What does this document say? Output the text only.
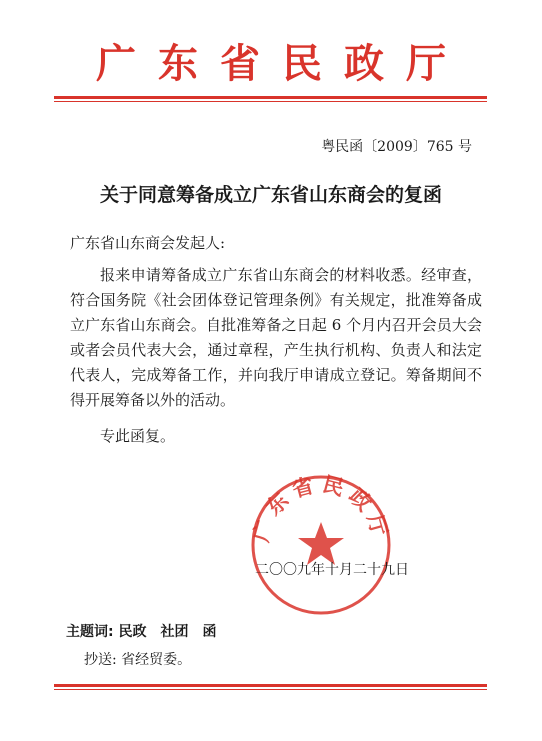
广东省民政厅
粤民函〔2009〕765 号
关于同意筹备成立广东省山东商会的复函
广东省山东商会发起人:

报来申请筹备成立广东省山东商会的材料收悉。经审查，符合国务院《社会团体登记管理条例》有关规定，批准筹备成立广东省山东商会。自批准筹备之日起 6 个月内召开会员大会或者会员代表大会，通过章程，产生执行机构、负责人和法定代表人，完成筹备工作，并向我厅申请成立登记。筹备期间不得开展筹备以外的活动。

专此函复。
广东省民政厅
二〇〇九年十月二十九日
主题词: 民政　社团　函
抄送: 省经贸委。
